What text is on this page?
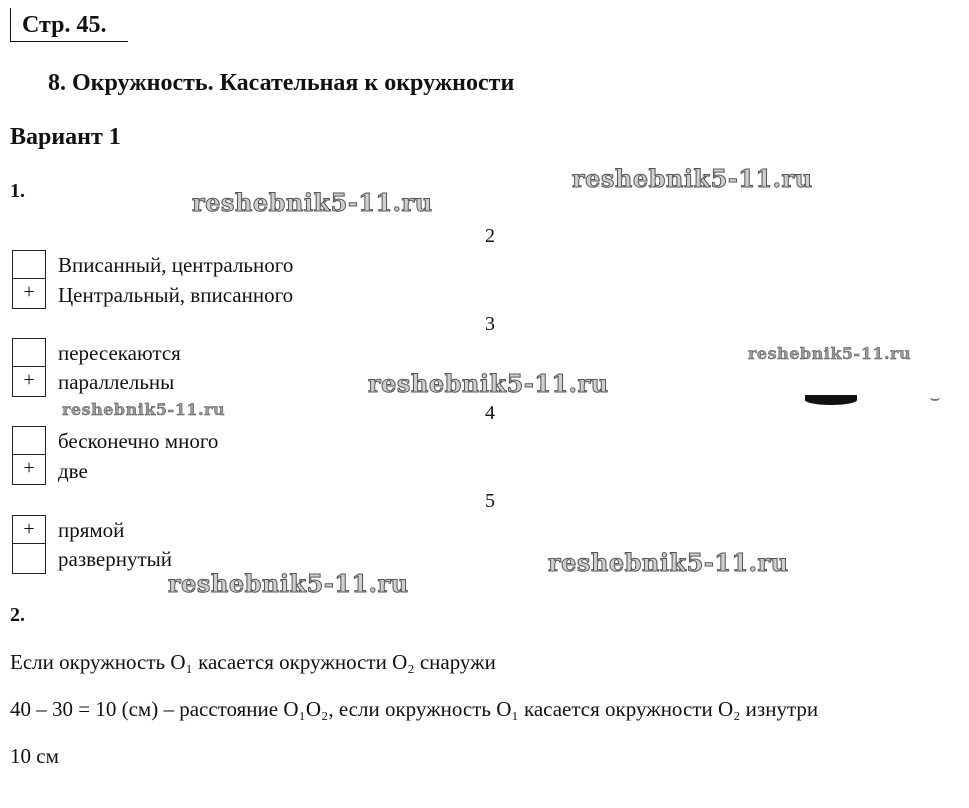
Стр. 45.
8. Окружность. Касательная к окружности
Вариант 1
1.
2
Вписанный, центрального
+	Центральный, вписанного
3
пересекаются
+	параллельны
4
бесконечно много
+	две
5
+	прямой
развернутый
2.
Если окружность O₁ касается окружности O₂ снаружи
40 – 30 = 10 (см) – расстояние O₁O₂, если окружность O₁ касается окружности O₂ изнутри
10 см
reshebnik5-11.ru
reshebnik5-11.ru
reshebnik5-11.ru
reshebnik5-11.ru
reshebnik5-11.ru
reshebnik5-11.ru
reshebnik5-11.ru
